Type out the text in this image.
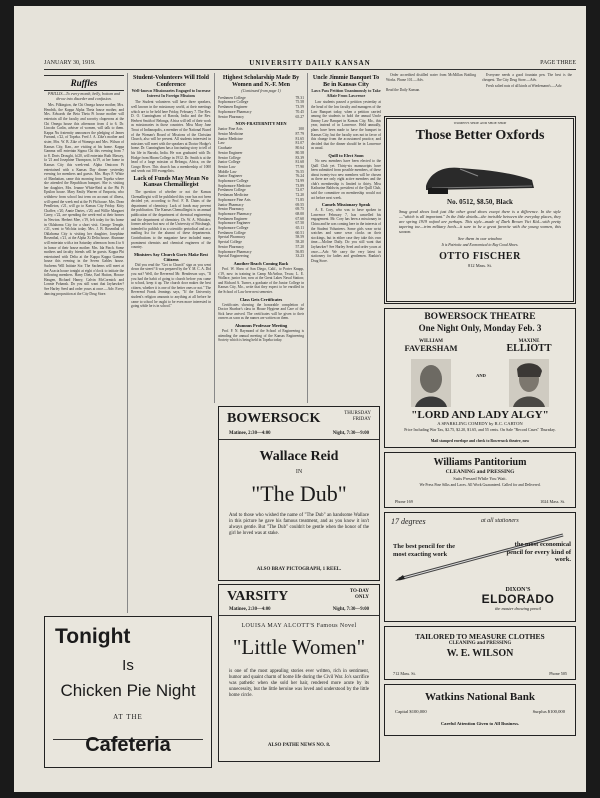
JANUARY 30, 1919.	UNIVERSITY DAILY KANSAN	PAGE THREE
Ruffles
PHILLIS—To every month, belly, bottom and throw into disorder and confusion.

Mrs. Pilkington, the Chi Omega house mother, Mrs. Hendrik, the Kappa Alpha Theta house mother, and Mrs. Edwards the Beta Theta Pi house mother will entertain all the faculty and sorority chaperons at the Chi Omega house this afternoon from 4 to 6. Dr. Lincoln Carlin, adviser of women, will talk to them. Kappa Nu fraternity announces the pledging of James Farrand, c'22, of Topeka. Fred J. A. Zike's mother and sister, Mrs. W. B. Zike of Wamego and Mrs. Wilson of Kansas City, Kan., are visiting at his home. Kappa Gamma will entertain Sigma Chi this evening from 7 to 8. Doris Drought, fa'20, will entertain Ruth Massey, fa '21 and Josephine Thompson, fa'19, at her home in Kansas City this week-end. Alpha Omicron Pi entertained with a Kansas Day dinner yesterday evening for members and guests. Mrs. Hays P. White of Manhattan, came this morning from Topeka where she attended the Republican banquet. She is visiting her daughter, Mrs. Jeanne White-Reid at the Phi Pi Epsilon house. Mary Emily Warren of Emporia, who withdrew from school last term on account of illness, will spend the week end at the Pi Phi house. Mrs. Dean Pendleton, c'21, will go to Kansas City Friday. Kitty Chaffee, c'20, Annie Dartes, c'20, and Willie Margaret Carey, c'22, are spending the week-end at their homes in Newton. Herbert Mee, c'19, left today for his home in Oklahoma City for a short visit. George Temple, c'21, went to Wichita today. Mrs. J. B. Rosenthal of Oklahoma City is visiting her daughter, Josephine Rosenthal, c'21, at the Alpha Xi Delta house. Alumnae will entertain with a tea Saturday afternoon from 4 to 6 in honor of their house mother. Mrs. Ida Finch. Some mothers and faculty friends will be guests. Kappa Phi entertained with Delta at the Kappa Kappa Gamma house this evening in the Seven Gables house. Sachems Will Initiate Six: The Sachems will meet at the Acacia house tonight at eight o'clock to initiate the following members. Harry Dietz, Earl Hutton, Horace Haugen, Richard Haney, Calvin McCormick and Lonnie Pobansk. Do you still want that Jayhawker? See Harley Seed and order yours at once.—Adv. Every dancing proposition at the City Drug Store.

Student-Volunteers Will Hold Conference
Well-known Missionaries Engaged to Increase Interest In Foreign Missions

The Student volunteers will have three speakers, well known in the missionary world, at their meetings which are to be held here Friday, February 7. The Rev. D. O. Cunningham of Baroda, India and the Rev. Herbert Smith of Belonga, Africa will tell of their work as missionaries in those countries. Miss Mary Jane Trout of Indianapolis, a member of the National Board of the Woman's Board of Missions of the Christian Church, also will be present. All students interested in missions will meet with the speakers at Doctor Hodge's home. Dr. Cunningham has a fascinating story to tell of his life in Baroda, India. He was graduated with Dr. Hodge from Hiram College in 1912. Dr. Smith is at the head of a large mission at Belonga, Africa, on the Congo River. This church has a membership of 1000 and sends out 100 evangelists.

Lack of Funds May Mean No Kansas Chemalliegist

The question of whether or not the Kansas Chemalliegist will be published this year has not been decided yet, according to Prof. F. B. Dains of the department of chemistry. Lack of funds may prevent the publication. The Kansas Chemalliegist is an annual publication of the department of chemical engineering and the department of chemistry. Dr. W. A. Whitaker, former adviser but now of the University of Pittsburgh, intended to publish it as a scientific periodical and as a mailing list for the alumni of these departments. Contributions to the magazine have included many prominent chemists and chemical engineers of the country.

Ministers Say Church Gorts Make Best Citizens

Did you read the "Get to Church" sign as you went down the street? It was prepared by the Y. M. C. A. Did you not? Well, the Reverend Mr. Henderson says, "If you had the habit of going to church before you came to school, keep it up. The church door makes the best citizen, whether it is one of the better ones or not." The Reverend Frank Jennings says, "If the University student's religion amounts to anything at all before he came to school he ought to be even more interested in going while he is in school."

Highest Scholarship Made By Women and N.-F. Men
(Continued from page 1)
Freshmen College	78.31
Sophomore College	75.58
Freshmen Engineer	73.59
Sophomore Pharmacy	70.45
Senior Pharmacy	65.27
NON-FRATERNITY MEN
Junior Fine Arts	100
Senior Medicine	87.79
Junior Medicine	81.65
Law	81.07
Graduate	80.64
Senior Engineer	80.58
Senior College	83.39
Junior College	81.68
Senior Law	77.90
Middle Law	76.55
Junior Engineer	76.24
Sophomore College	74.99
Sophomore Medicine	73.89
Freshmen College	72.07
Freshman Medicine	72.20
Sophomore Fine Arts	71.85
Junior Pharmacy	69.55
Senior Pharmacy	69.75
Sophomore Pharmacy	68.00
Freshmen Engineer	67.60
Sophomore Engineer	67.50
Sophomore College	65.11
Freshmen College	60.51
Special Pharmacy	58.59
Special College	58.20
Senior Pharmacy	57.20
Sophomore Pharmacy	56.85
Special Engineering	33.23
Another Beach Coming Back

Prof. W. Shaw of San Diego, Calif., to Porter Knapp, c'19, now in training in Camp McArthur, Texas; L. E. Wallace, junior law, now at the Great Lakes Naval Station; and Richard A. Turner, a graduate of the Junior College in Kansas City, Mo., write that they expect to be enrolled in the School of Law here next semester.

Class Gets Certificates

Certificates showing the honorable completion of Doctor Sharbor's class in House Hygiene and Care of the Sick have arrived. The certificates will be given to their owners as soon as the names are written on them.

Alumnus Professor Meeting

Prof. F. N. Raymond of the School of Engineering is attending the annual meeting of the Kansas Engineering Society which is being held in Topeka today.

Uncle Jimmie Banquet To Be in Kansas City
Laws Pass Petition Unanimously to Take Affair From Lawrence

Law students passed a petition yesterday at the head of the law faculty and managers of the Law Banquet today, when a petition carried among the students to hold the annual Uncle Jimmy Law Banquet in Kansas City, Mo., this year, instead of in Lawrence. Held annually, plans have been made to have the banquet in Kansas City, but the faculty was not in favor of this change from the accustomed practice, and decided that the dinner should be in Lawrence as usual.

Quill to Elect Soon

No new members have been elected to the Quill Club yet. Thirty-six manuscripts have been submitted from possible members, of these about twenty-two new members will be chosen as there are only eight active members and the club's membership is limited to thirty. Miss Katharine Baldwin, president of the Quill Club, said the committee on membership would not act before next week.

Camels Missionary Speak

A. E. Cory, who was to have spoken in Lawrence February 7, has cancelled his engagement. Mr. Cory has been a missionary in China and he was coming here in the interests of the Student Volunteers. Some girls wear wrist watches and some wear clocks on their stockings, but in either case they take this own time.—Moline Daily. Do you still want that Jayhawker? See Harley Seed and order yours at once.—Adv. We carry the very latest in stationery for ladies and gentlemen. Rankin's Drug Store.

Order accredited distilled water from McMillan Bottling Works. Phone 101.—Adv.

Read the Daily Kansan.

Everyone needs a good fountain pen. The best is the cheapest. The City Drug Store.—Adv.

Fresh salted nuts of all kinds at Wiedemann's.—Adv.

WOMEN'S SHOE AND SHOE SHOP
Those Better Oxfords
No. 0512, $8.50, Black
Snug good shoes look just like other good shoes except there is a difference. In the style—"which is all important." In the little details—the invisible between the everyday places, they are spring 1919 oxford are perhaps. This style—made of Dark Brown Vici Kid—with pretty tapering toe—trim military heels—it sure to be a great favorite with the young women, this season.
See them in our window
It is Patriotic and Economical to Buy Good Shoes.
OTTO FISCHER
812 Mass. St.
BOWERSOCK THEATRE
One Night Only, Monday Feb. 3
WILLIAM
FAVERSHAM
MAXINE
ELLIOTT
AND
"LORD AND LADY ALGY"
A SPARKLING COMEDY by R.C. CARTON
Price Including War Tax, $2.75, $2.20, $1.65, and 55 cents. On Sale "Record Cases" Thursday.
Mail stamped envelope and check to Bowersock theatre, now
Williams Pantitorium
CLEANING and PRESSING
Suits Pressed While You Wait.
We Press Fine Silks and Laces. All Work Guaranteed. Called for and Delivered.
Phone 169	1024 Mass. St.
17 degrees	at all stationers
The best pencil for the most exacting work
the most economical pencil for every kind of work.
DIXON'S
ELDORADO
the master drawing pencil
TAILORED TO MEASURE CLOTHES
CLEANING and PRESSING
W. E. WILSON
712 Mass. St.	Phone 505
Watkins National Bank
Capital $100,000	Surplus $100,000
Careful Attention Given to All Business.
BOWERSOCK	THURSDAY
FRIDAY
Matinee, 2:30—4:00	Night, 7:30—9:00
Wallace Reid
IN
"The Dub"
And to those who wished the name of "The Dub" an handsome Wallace in this picture he gave his famous treatment, and as you know it isn't always gentle. But "The Dub" couldn't be gentle when the honor of the girl he loved was at stake.
ALSO BRAY PICTOGRAPH, 1 REEL.
VARSITY	TO-DAY
ONLY
Matinee, 2:30—4:00	Night, 7:30—9:00
LOUISA MAY ALCOTT'S Famous Novel
"Little Women"
is one of the most appealing stories ever written, rich in sentiment, humor and quaint charm of home life during the Civil War. Jo's sacrifice was pathetic when she sold her hair, rendered more acute by its unnecessity, but the little heroine was loved and understood by the little home circle.
ALSO PATHE NEWS NO. 8.
Tonight
Is
Chicken Pie Night
AT THE
Cafeteria
